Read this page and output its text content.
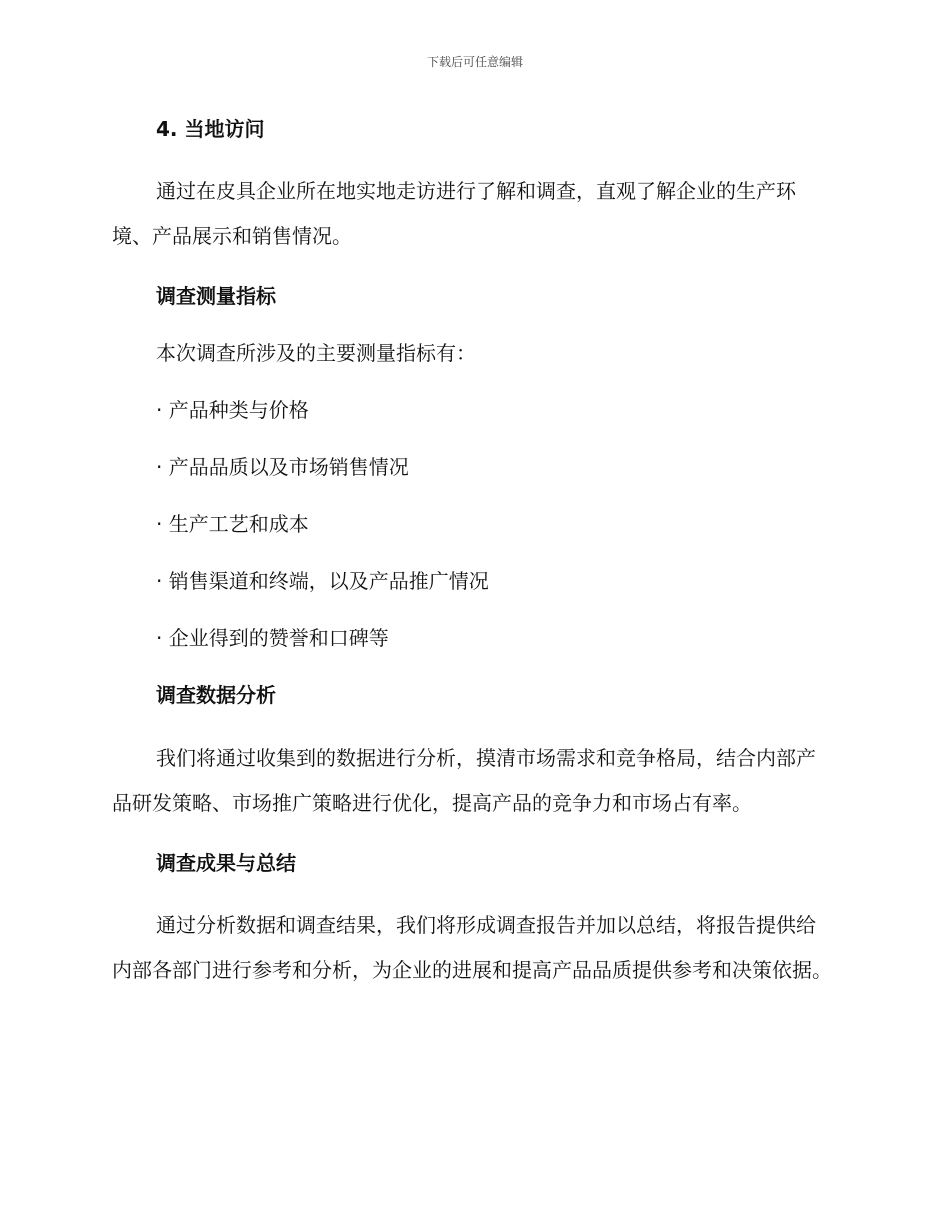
下载后可任意编辑
4. 当地访问

通过在皮具企业所在地实地走访进行了解和调查，直观了解企业的生产环境、产品展示和销售情况。

调查测量指标

本次调查所涉及的主要测量指标有：

· 产品种类与价格

· 产品品质以及市场销售情况

· 生产工艺和成本

· 销售渠道和终端，以及产品推广情况

· 企业得到的赞誉和口碑等

调查数据分析

我们将通过收集到的数据进行分析，摸清市场需求和竞争格局，结合内部产品研发策略、市场推广策略进行优化，提高产品的竞争力和市场占有率。

调查成果与总结

通过分析数据和调查结果，我们将形成调查报告并加以总结，将报告提供给内部各部门进行参考和分析，为企业的进展和提高产品品质提供参考和决策依据。
